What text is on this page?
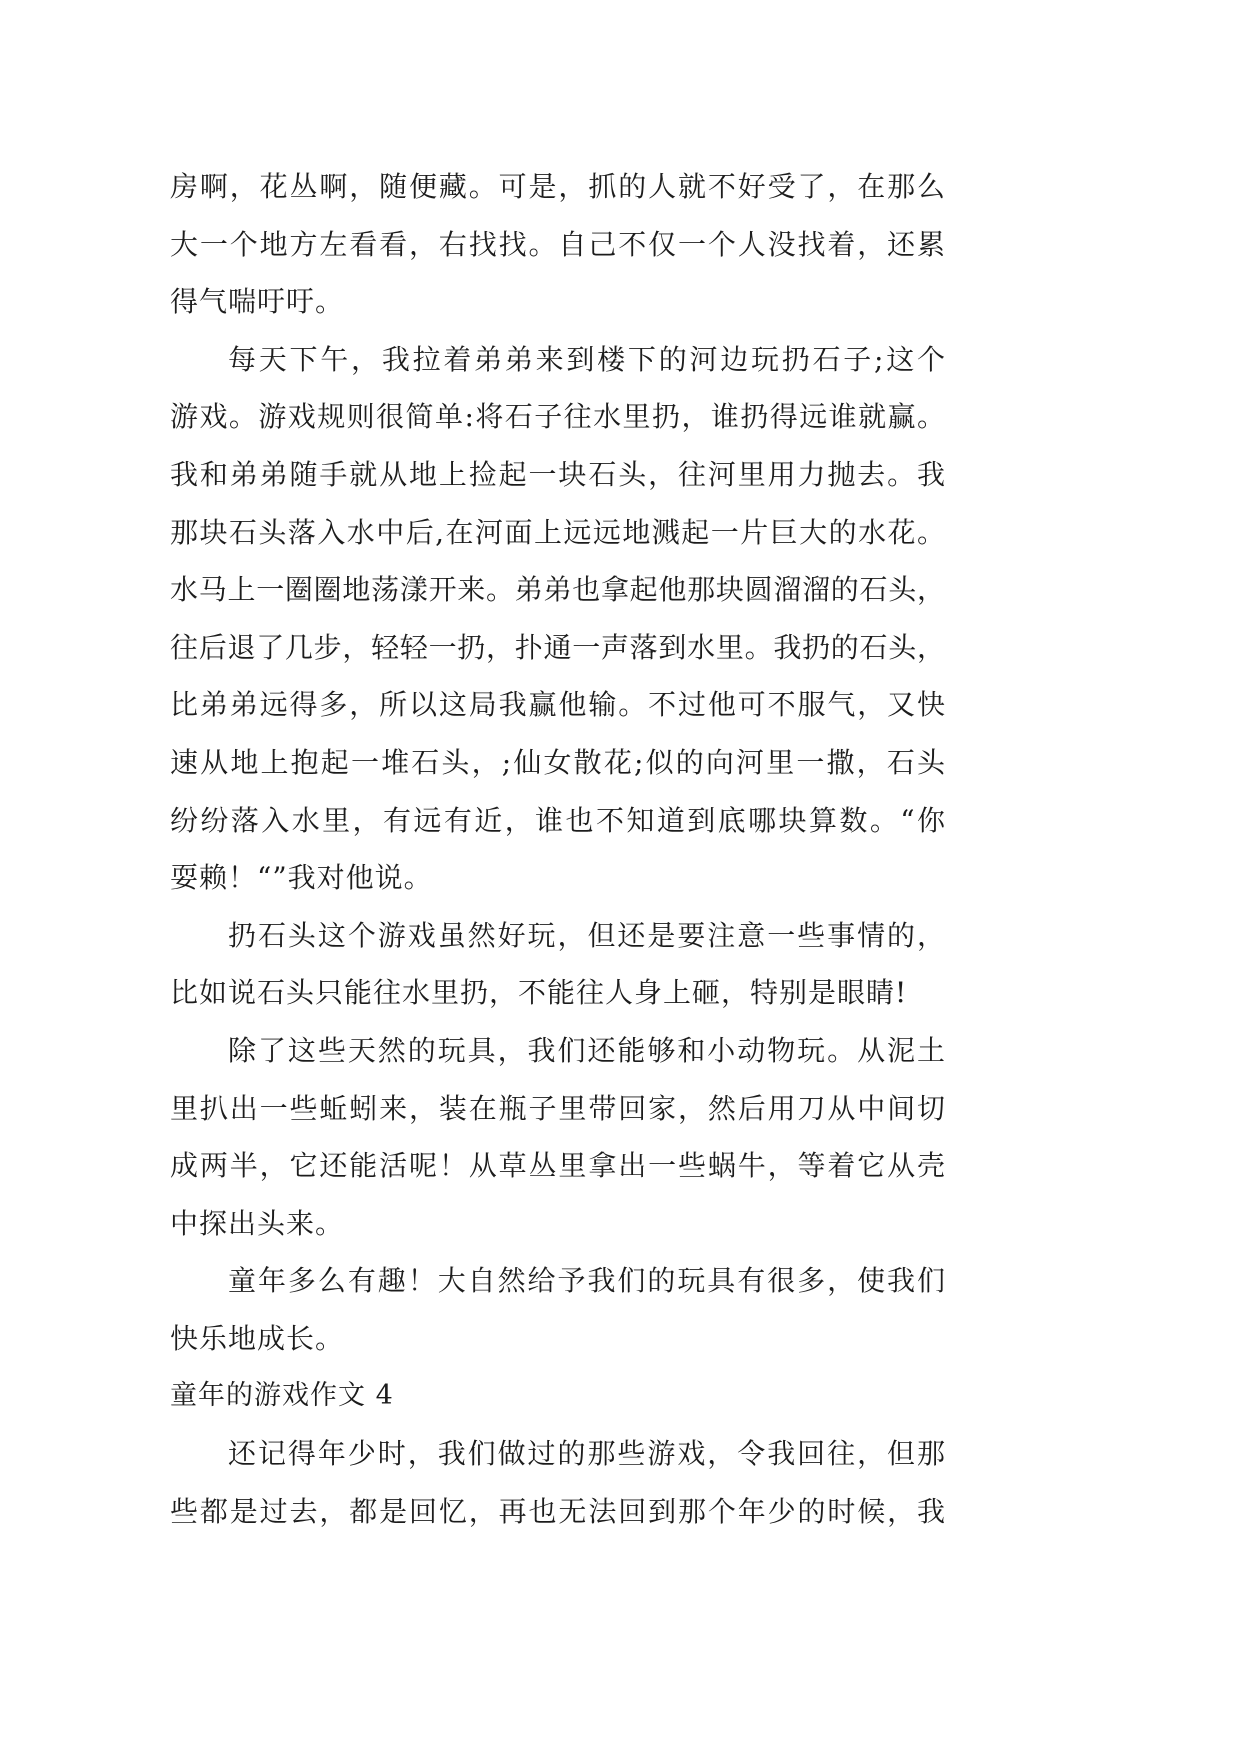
房啊，花丛啊，随便藏。可是，抓的人就不好受了，在那么
大一个地方左看看，右找找。自己不仅一个人没找着，还累
得气喘吁吁。
每天下午，我拉着弟弟来到楼下的河边玩扔石子;这个
游戏。游戏规则很简单:将石子往水里扔，谁扔得远谁就赢。
我和弟弟随手就从地上捡起一块石头，往河里用力抛去。我
那块石头落入水中后,在河面上远远地溅起一片巨大的水花。
水马上一圈圈地荡漾开来。弟弟也拿起他那块圆溜溜的石头，
往后退了几步，轻轻一扔，扑通一声落到水里。我扔的石头，
比弟弟远得多，所以这局我赢他输。不过他可不服气，又快
速从地上抱起一堆石头，;仙女散花;似的向河里一撒，石头
纷纷落入水里，有远有近，谁也不知道到底哪块算数。“你
耍赖！“”我对他说。
扔石头这个游戏虽然好玩，但还是要注意一些事情的，
比如说石头只能往水里扔，不能往人身上砸，特别是眼睛!
除了这些天然的玩具，我们还能够和小动物玩。从泥土
里扒出一些蚯蚓来，装在瓶子里带回家，然后用刀从中间切
成两半，它还能活呢！从草丛里拿出一些蜗牛，等着它从壳
中探出头来。
童年多么有趣！大自然给予我们的玩具有很多，使我们
快乐地成长。
童年的游戏作文 4
还记得年少时，我们做过的那些游戏，令我回往，但那
些都是过去，都是回忆，再也无法回到那个年少的时候，我
